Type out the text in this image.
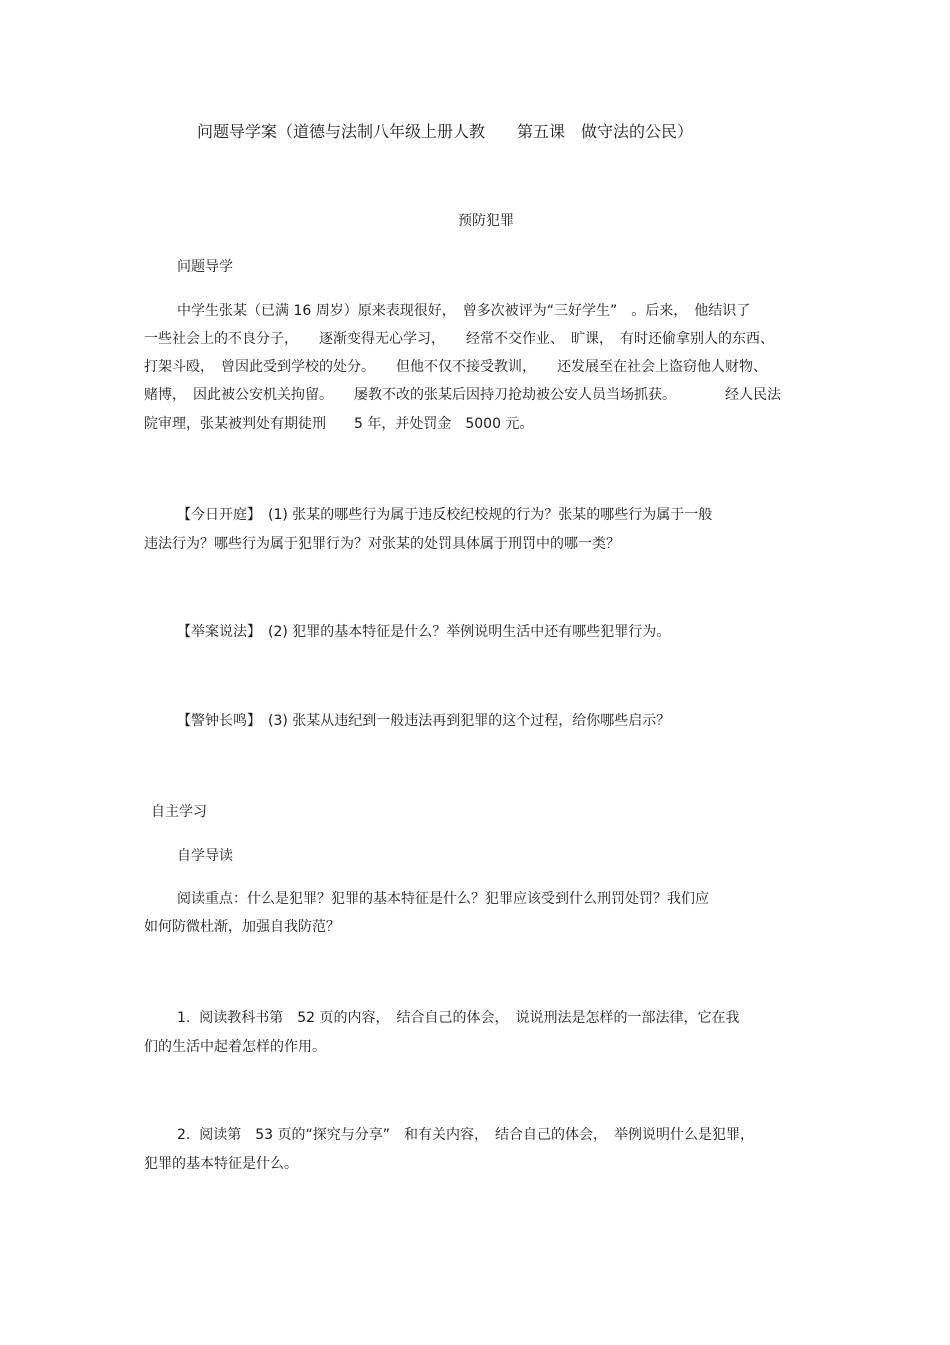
问题导学案（道德与法制八年级上册人教　　第五课　做守法的公民）
预防犯罪
问题导学
中学生张某（已满 16 周岁）原来表现很好，　曾多次被评为“三好学生”　。后来，　他结识了
一些社会上的不良分子，　　逐渐变得无心学习，　　经常不交作业、　旷课，　有时还偷拿别人的东西、
打架斗殴，　曾因此受到学校的处分。　　但他不仅不接受教训，　　还发展至在社会上盗窃他人财物、
赌博，　因此被公安机关拘留。　　屡教不改的张某后因持刀抢劫被公安人员当场抓获。　　　　经人民法
院审理，张某被判处有期徒刑　　5 年，并处罚金　5000 元。
【今日开庭】　(1) 张某的哪些行为属于违反校纪校规的行为？张某的哪些行为属于一般
违法行为？哪些行为属于犯罪行为？对张某的处罚具体属于刑罚中的哪一类？
【举案说法】　(2) 犯罪的基本特征是什么？举例说明生活中还有哪些犯罪行为。
【警钟长鸣】　(3) 张某从违纪到一般违法再到犯罪的这个过程，给你哪些启示？
自主学习
自学导读
阅读重点：什么是犯罪？犯罪的基本特征是什么？犯罪应该受到什么刑罚处罚？我们应
如何防微杜渐，加强自我防范？
1.  阅读教科书第　52 页的内容，　结合自己的体会，　说说刑法是怎样的一部法律，它在我
们的生活中起着怎样的作用。
2.  阅读第　53 页的“探究与分享”　和有关内容，　结合自己的体会，　举例说明什么是犯罪，
犯罪的基本特征是什么。
